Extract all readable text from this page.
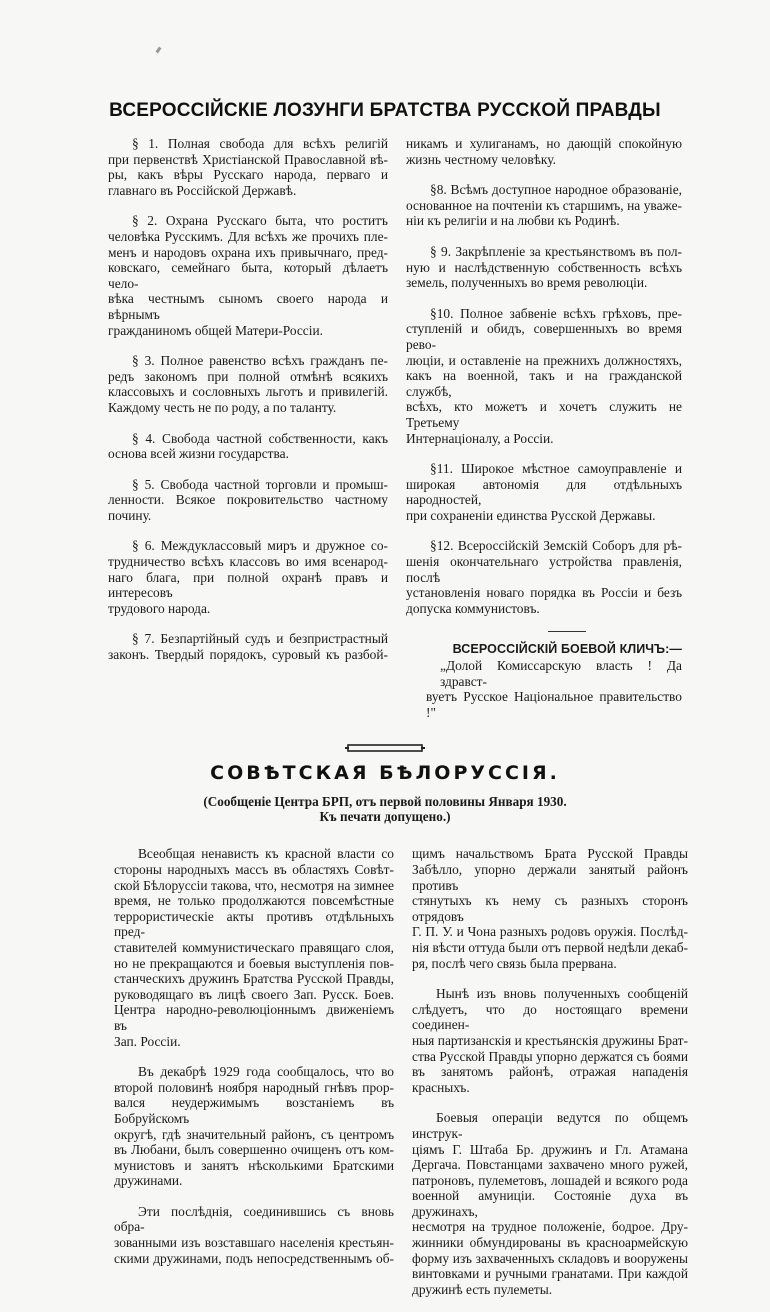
ВСЕРОССІЙСКІЕ ЛОЗУНГИ БРАТСТВА РУССКОЙ ПРАВДЫ
§ 1. Полная свобода для всѣхъ религій
при первенствѣ Христіанской Православной вѣ-
ры, какъ вѣры Русскаго народа, перваго и
главнаго въ Россійской Державѣ.
§ 2. Охрана Русскаго быта, что роститъ
человѣка Русскимъ. Для всѣхъ же прочихъ пле-
менъ и народовъ охрана ихъ привычнаго, пред-
ковскаго, семейнаго быта, который дѣлаетъ чело-
вѣка честнымъ сыномъ своего народа и вѣрнымъ
гражданиномъ общей Матери-Россіи.
§ 3. Полное равенство всѣхъ гражданъ пе-
редъ закономъ при полной отмѣнѣ всякихъ
классовыхъ и сословныхъ льготъ и привилегій.
Каждому честь не по роду, а по таланту.
§ 4. Свобода частной собственности, какъ
основа всей жизни государства.
§ 5. Свобода частной торговли и промыш-
ленности. Всякое покровительство частному
почину.
§ 6. Междуклассовый миръ и дружное со-
трудничество всѣхъ классовъ во имя всенарод-
наго блага, при полной охранѣ правъ и интересовъ
трудового народа.
§ 7. Безпартійный судъ и безпристрастный
законъ. Твердый порядокъ, суровый къ разбой-
никамъ и хулиганамъ, но дающій спокойную
жизнь честному человѣку.
§8. Всѣмъ доступное народное образованіе,
основанное на почтеніи къ старшимъ, на уваже-
ніи къ религіи и на любви къ Родинѣ.
§ 9. Закрѣпленіе за крестьянствомъ въ пол-
ную и наслѣдственную собственность всѣхъ
земель, полученныхъ во время революціи.
§10. Полное забвеніе всѣхъ грѣховъ, пре-
ступленій и обидъ, совершенныхъ во время рево-
люціи, и оставленіе на прежнихъ должностяхъ,
какъ на военной, такъ и на гражданской службѣ,
всѣхъ, кто можетъ и хочетъ служить не Третьему
Интернаціоналу, а Россіи.
§11. Широкое мѣстное самоуправленіе и
широкая автономія для отдѣльныхъ народностей,
при сохраненіи единства Русской Державы.
§12. Всероссійскій Земскій Соборъ для рѣ-
шенія окончательнаго устройства правленія, послѣ
установленія новаго порядка въ Россіи и безъ
допуска коммунистовъ.
ВСЕРОССІЙСКІЙ БОЕВОЙ КЛИЧЪ:—
„Долой Комиссарскую власть ! Да здравст-
вуетъ Русское Національное правительство !"
СОВѢТСКАЯ БѢЛОРУССІЯ.
(Сообщеніе Центра БРП, отъ первой половины Января 1930.
Къ печати допущено.)
Всеобщая ненависть къ красной власти со
стороны народныхъ массъ въ областяхъ Совѣт-
ской Бѣлоруссіи такова, что, несмотря на зимнее
время, не только продолжаются повсемѣстные
террористическіе акты противъ отдѣльныхъ пред-
ставителей коммунистическаго правящаго слоя,
но не прекращаются и боевыя выступленія пов-
станческихъ дружинъ Братства Русской Правды,
руководящаго въ лицѣ своего Зап. Русск. Боев.
Центра народно-революціоннымъ движеніемъ въ
Зап. Россіи.
Въ декабрѣ 1929 года сообщалось, что во
второй половинѣ ноября народный гнѣвъ прор-
вался неудержимымъ возстаніемъ въ Бобруйскомъ
округѣ, гдѣ значительный районъ, съ центромъ
въ Любани, былъ совершенно очищенъ отъ ком-
мунистовъ и занятъ нѣсколькими Братскими
дружинами.
Эти послѣднія, соединившись съ вновь обра-
зованными изъ возставшаго населенія крестьян-
скими дружинами, подъ непосредственнымъ об-
щимъ начальствомъ Брата Русской Правды
Забѣлло, упорно держали занятый районъ противъ
стянутыхъ къ нему съ разныхъ сторонъ отрядовъ
Г. П. У. и Чона разныхъ родовъ оружія. Послѣд-
нія вѣсти оттуда были отъ первой недѣли декаб-
ря, послѣ чего связь была прервана.
Нынѣ изъ вновь полученныхъ сообщеній
слѣдуетъ, что до ностоящаго времени соединен-
ныя партизанскія и крестьянскія дружины Брат-
ства Русской Правды упорно держатся съ боями
въ занятомъ районѣ, отражая нападенія красныхъ.
Боевыя операціи ведутся по общемъ инструк-
ціямъ Г. Штаба Бр. дружинъ и Гл. Атамана
Дергача. Повстанцами захвачено много ружей,
патроновъ, пулеметовъ, лошадей и всякого рода
военной амуниціи. Состояніе духа въ дружинахъ,
несмотря на трудное положеніе, бодрое. Дру-
жинники обмундированы въ красноармейскую
форму изъ захваченныхъ складовъ и вооружены
винтовками и ручными гранатами. При каждой
дружинѣ есть пулеметы.
